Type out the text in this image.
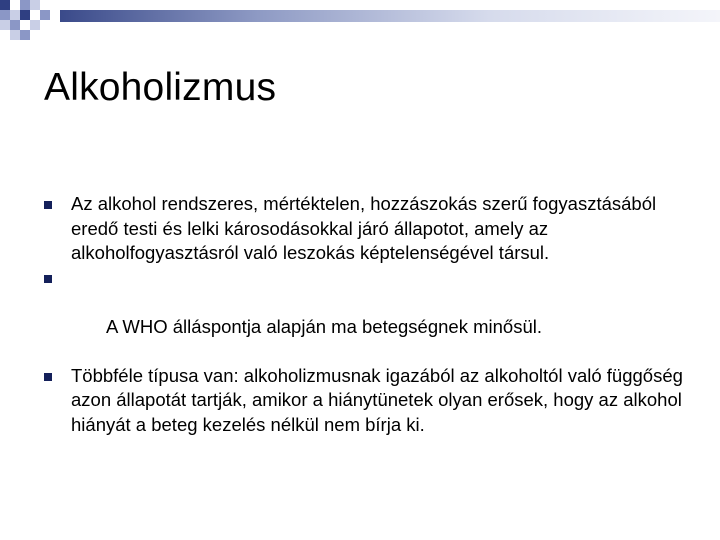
Alkoholizmus
Az alkohol rendszeres, mértéktelen, hozzászokás szerű fogyasztásából eredő testi és lelki károsodásokkal járó állapotot, amely az alkoholfogyasztásról való leszokás képtelenségével társul.

A WHO álláspontja alapján ma betegségnek minősül.

Többféle típusa van: alkoholizmusnak igazából az alkoholtól való függőség azon állapotát tartják, amikor a hiánytünetek olyan erősek, hogy az alkohol hiányát a beteg kezelés nélkül nem bírja ki.
